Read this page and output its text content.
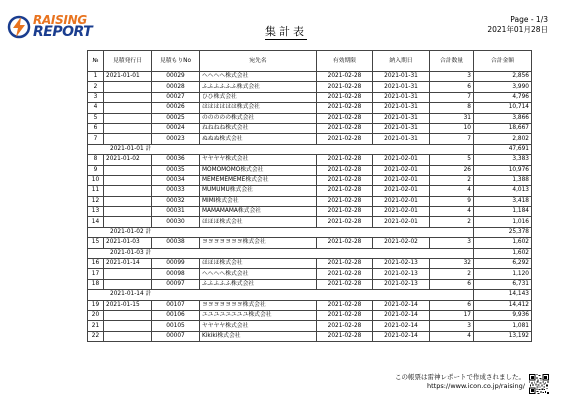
RAISING
REPORT	集計表
Page - 1/3
2021年01月28日
№	見積発行日	見積もりNo	宛先名	有効期限	納入期日	合計数量	合計金額
1	2021-01-01	00029	へへへへ株式会社	2021-02-28	2021-01-31	3	2,856
2		00028	ふふふふふふ株式会社	2021-02-28	2021-01-31	6	3,990
3		00027	ひひ株式会社	2021-02-28	2021-01-31	7	4,796
4		00026	はははははは株式会社	2021-02-28	2021-01-31	8	10,714
5		00025	ののののの株式会社	2021-02-28	2021-01-31	31	3,866
6		00024	ねねねね株式会社	2021-02-28	2021-01-31	10	18,667
7		00023	ぬぬぬ株式会社	2021-02-28	2021-01-31	7	2,802
2021-01-01 計							47,691
8	2021-01-02	00036	ヤヤヤヤ株式会社	2021-02-28	2021-02-01	5	3,383
9		00035	MOMOMOMO株式会社	2021-02-28	2021-02-01	26	10,976
10		00034	MEMEMEMEME株式会社	2021-02-28	2021-02-01	2	1,388
11		00033	MUMUMU株式会社	2021-02-28	2021-02-01	4	4,013
12		00032	MIMI株式会社	2021-02-28	2021-02-01	9	3,418
13		00031	MAMAMAMA株式会社	2021-02-28	2021-02-01	4	1,184
14		00030	ほほほ株式会社	2021-02-28	2021-02-01	2	1,016
2021-01-02 計							25,378
15	2021-01-03	00038	ヨヨヨヨヨヨヨ株式会社	2021-02-28	2021-02-02	3	1,602
2021-01-03 計							1,602
16	2021-01-14	00099	ほほほ株式会社	2021-02-28	2021-02-13	32	6,292
17		00098	へへへへ株式会社	2021-02-28	2021-02-13	2	1,120
18		00097	ふふふふふ株式会社	2021-02-28	2021-02-13	6	6,731
2021-01-14 計							14,143
19	2021-01-15	00107	ヨヨヨヨヨヨヨ株式会社	2021-02-28	2021-02-14	6	14,412
20		00106	ユユユユユユユユ株式会社	2021-02-28	2021-02-14	17	9,936
21		00105	ヤヤヤヤ株式会社	2021-02-28	2021-02-14	3	1,081
22		00007	Kikiki株式会社	2021-02-28	2021-02-14	4	13,192
この帳票は雷神レポートで作成されました。
https://www.icon.co.jp/raising/
